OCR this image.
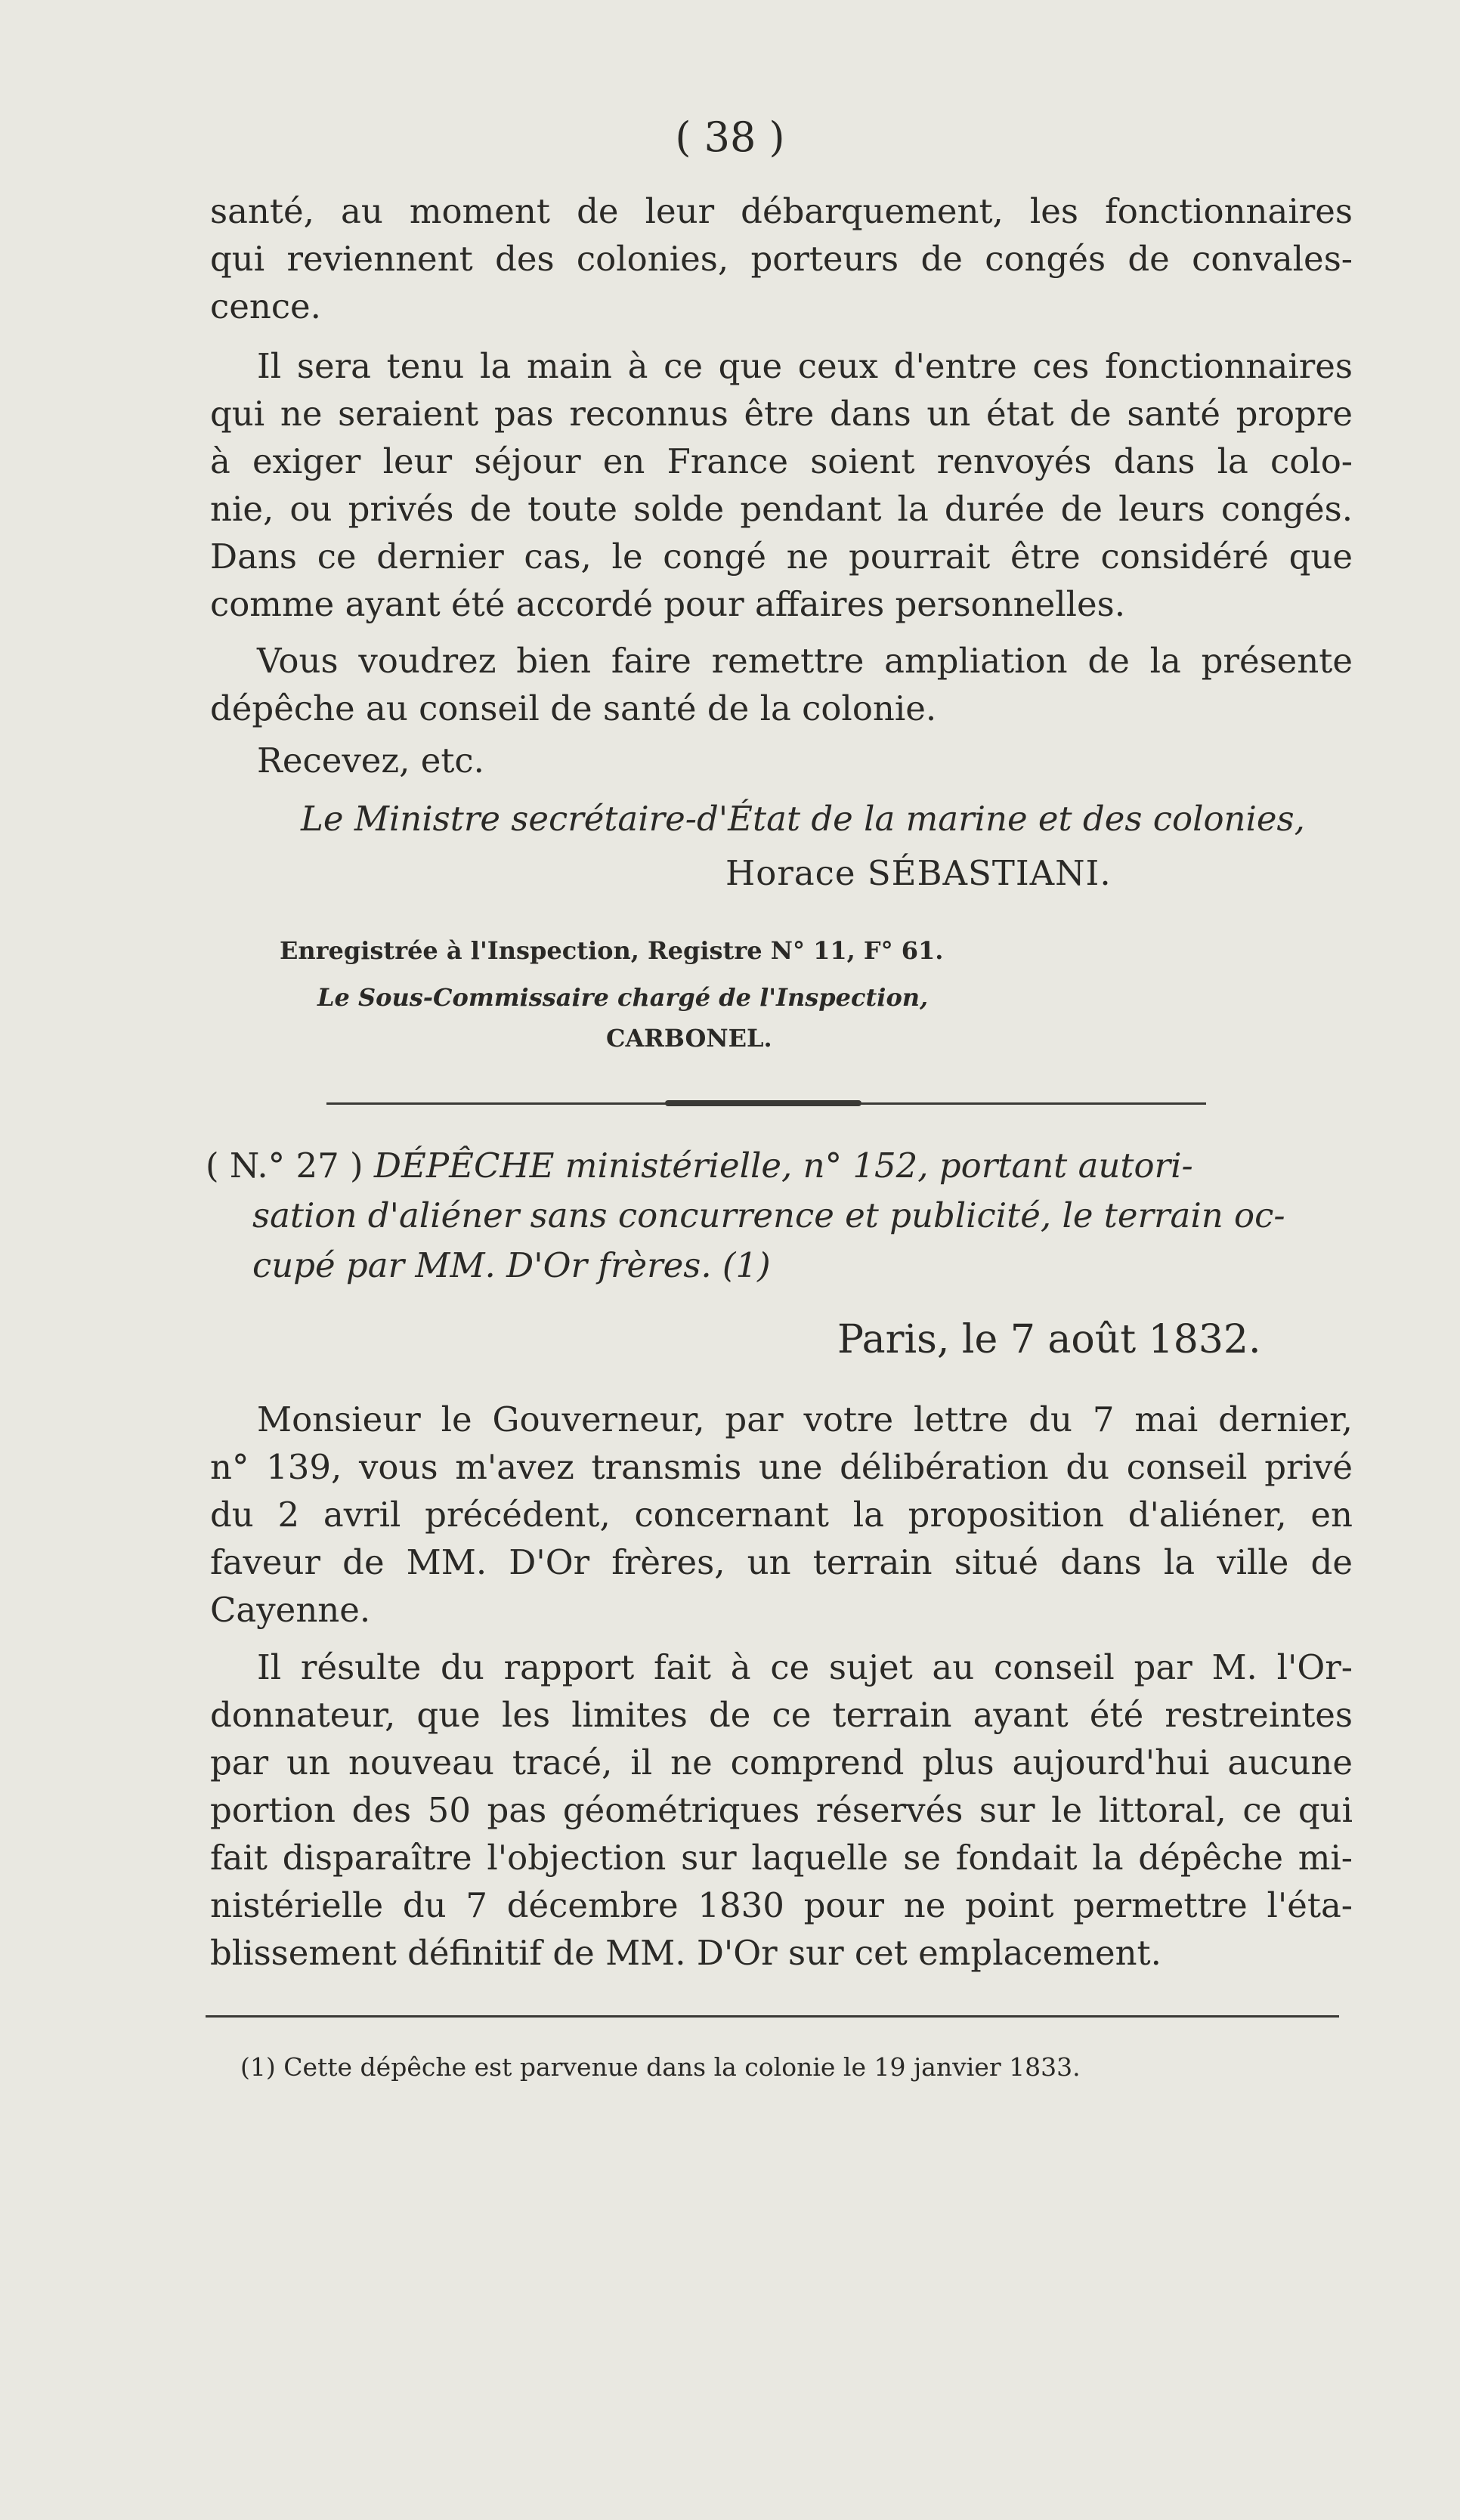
( 38 )
santé, au moment de leur débarquement, les fonctionnaires
qui reviennent des colonies, porteurs de congés de convales-
cence.
Il sera tenu la main à ce que ceux d'entre ces fonctionnaires
qui ne seraient pas reconnus être dans un état de santé propre
à exiger leur séjour en France soient renvoyés dans la colo-
nie, ou privés de toute solde pendant la durée de leurs congés.
Dans ce dernier cas, le congé ne pourrait être considéré que
comme ayant été accordé pour affaires personnelles.
Vous voudrez bien faire remettre ampliation de la présente
dépêche au conseil de santé de la colonie.
Recevez, etc.
Le Ministre secrétaire-d'État de la marine et des colonies,
Horace SÉBASTIANI.
Enregistrée à l'Inspection, Registre N° 11, F° 61.
Le Sous-Commissaire chargé de l'Inspection,
CARBONEL.
( N.° 27 ) DÉPÊCHE ministérielle, n° 152, portant autori-
sation d'aliéner sans concurrence et publicité, le terrain oc-
cupé par MM. D'Or frères. (1)
Paris, le 7 août 1832.
Monsieur le Gouverneur, par votre lettre du 7 mai dernier,
n° 139, vous m'avez transmis une délibération du conseil privé
du 2 avril précédent, concernant la proposition d'aliéner, en
faveur de MM. D'Or frères, un terrain situé dans la ville de
Cayenne.
Il résulte du rapport fait à ce sujet au conseil par M. l'Or-
donnateur, que les limites de ce terrain ayant été restreintes
par un nouveau tracé, il ne comprend plus aujourd'hui aucune
portion des 50 pas géométriques réservés sur le littoral, ce qui
fait disparaître l'objection sur laquelle se fondait la dépêche mi-
nistérielle du 7 décembre 1830 pour ne point permettre l'éta-
blissement définitif de MM. D'Or sur cet emplacement.
(1) Cette dépêche est parvenue dans la colonie le 19 janvier 1833.
